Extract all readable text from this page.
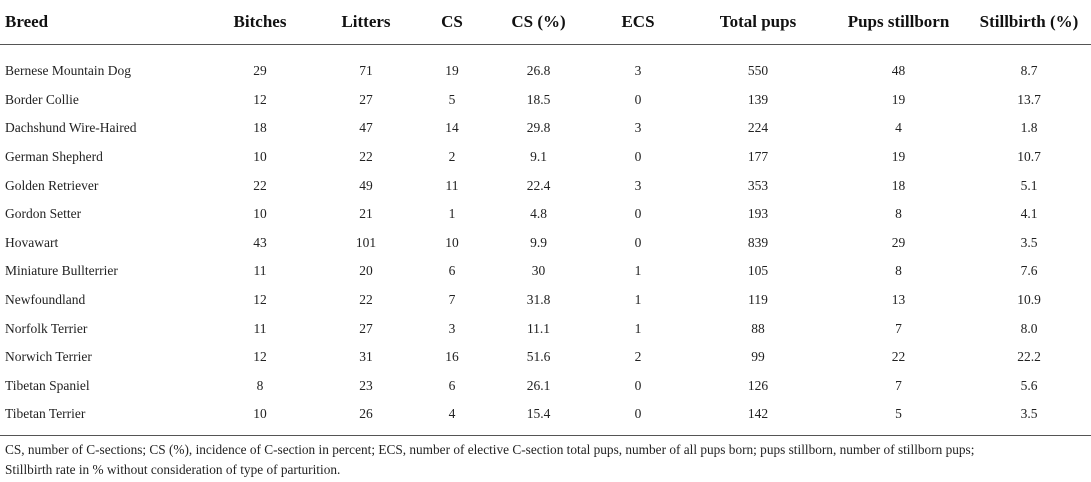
Breed	Bitches	Litters	CS	CS (%)	ECS	Total pups	Pups stillborn	Stillbirth (%)
Bernese Mountain Dog	29	71	19	26.8	3	550	48	8.7
Border Collie	12	27	5	18.5	0	139	19	13.7
Dachshund Wire-Haired	18	47	14	29.8	3	224	4	1.8
German Shepherd	10	22	2	9.1	0	177	19	10.7
Golden Retriever	22	49	11	22.4	3	353	18	5.1
Gordon Setter	10	21	1	4.8	0	193	8	4.1
Hovawart	43	101	10	9.9	0	839	29	3.5
Miniature Bullterrier	11	20	6	30	1	105	8	7.6
Newfoundland	12	22	7	31.8	1	119	13	10.9
Norfolk Terrier	11	27	3	11.1	1	88	7	8.0
Norwich Terrier	12	31	16	51.6	2	99	22	22.2
Tibetan Spaniel	8	23	6	26.1	0	126	7	5.6
Tibetan Terrier	10	26	4	15.4	0	142	5	3.5
CS, number of C-sections; CS (%), incidence of C-section in percent; ECS, number of elective C-section total pups, number of all pups born; pups stillborn, number of stillborn pups;
Stillbirth rate in % without consideration of type of parturition.
